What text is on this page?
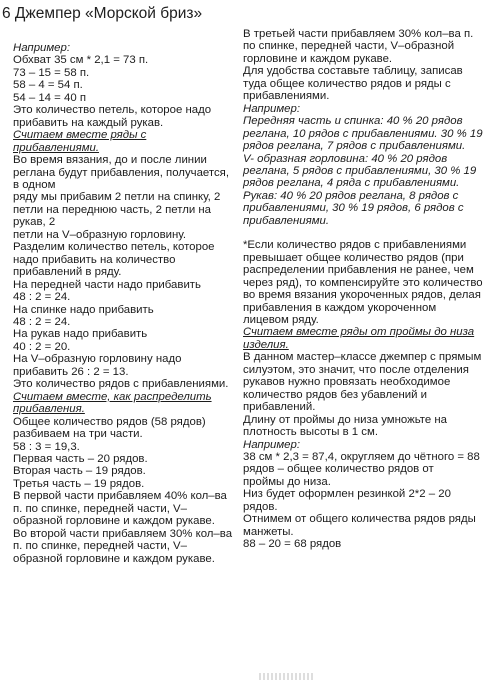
6 Джемпер «Морской бриз»

Например:

Обхват 35 см * 2,1 = 73 п.

73 – 15 = 58 п.

58 – 4 = 54 п.

54 – 14 = 40 п

Это количество петель, которое надо прибавить на каждый рукав.

Считаем вместе ряды с прибавлениями.

Во время вязания, до и после линии реглана будут прибавления, получается, в одном

ряду мы прибавим 2 петли на спинку, 2 петли на переднюю часть, 2 петли на рукав, 2

петли на V–образную горловину.

Разделим количество петель, которое надо прибавить на количество прибавлений в ряду.

На передней части надо прибавить

48 : 2 = 24.

На спинке надо прибавить

48 : 2 = 24.

На рукав надо прибавить

40 : 2 = 20.

На V–образную горловину надо прибавить 26 : 2 = 13.

Это количество рядов с прибавлениями.

Считаем вместе, как распределить прибавления.

Общее количество рядов (58 рядов) разбиваем на три части.

58 : 3 = 19,3.

Первая часть – 20 рядов.

Вторая часть – 19 рядов.

Третья часть – 19 рядов.

В первой части прибавляем 40% кол–ва п. по спинке, передней части, V–образной горловине и каждом рукаве.

Во второй части прибавляем 30% кол–ва п. по спинке, передней части, V–образной горловине и каждом рукаве.

В третьей части прибавляем 30% кол–ва п. по спинке, передней части, V–образной горловине и каждом рукаве.

Для удобства составьте таблицу, записав туда общее количество рядов и ряды с прибавлениями.

Например:

Передняя часть и спинка: 40 % 20 рядов реглана, 10 рядов с прибавлениями. 30 % 19 рядов реглана, 7 рядов с прибавлениями.

V- образная горловина: 40 % 20 рядов реглана, 5 рядов с прибавлениями, 30 % 19 рядов реглана, 4 ряда с прибавлениями.

Рукав: 40 % 20 рядов реглана, 8 рядов с прибавлениями, 30 % 19 рядов, 6 рядов с прибавлениями.

*Если количество рядов с прибавлениями превышает общее количество рядов (при распределении прибавления не ранее, чем через ряд), то компенсируйте это количество во время вязания укороченных рядов, делая прибавления в каждом укороченном лицевом ряду.

Считаем вместе ряды от проймы до низа изделия.

В данном мастер–классе джемпер с прямым силуэтом, это значит, что после отделения рукавов нужно провязать необходимое количество рядов без убавлений и прибавлений.

Длину от проймы до низа умножьте на плотность высоты в 1 см.

Например:

38 см * 2,3 = 87,4, округляем до чётного = 88 рядов – общее количество рядов от

проймы до низа.

Низ будет оформлен резинкой 2*2 – 20 рядов.

Отнимем от общего количества рядов ряды манжеты.

88 – 20 = 68 рядов
